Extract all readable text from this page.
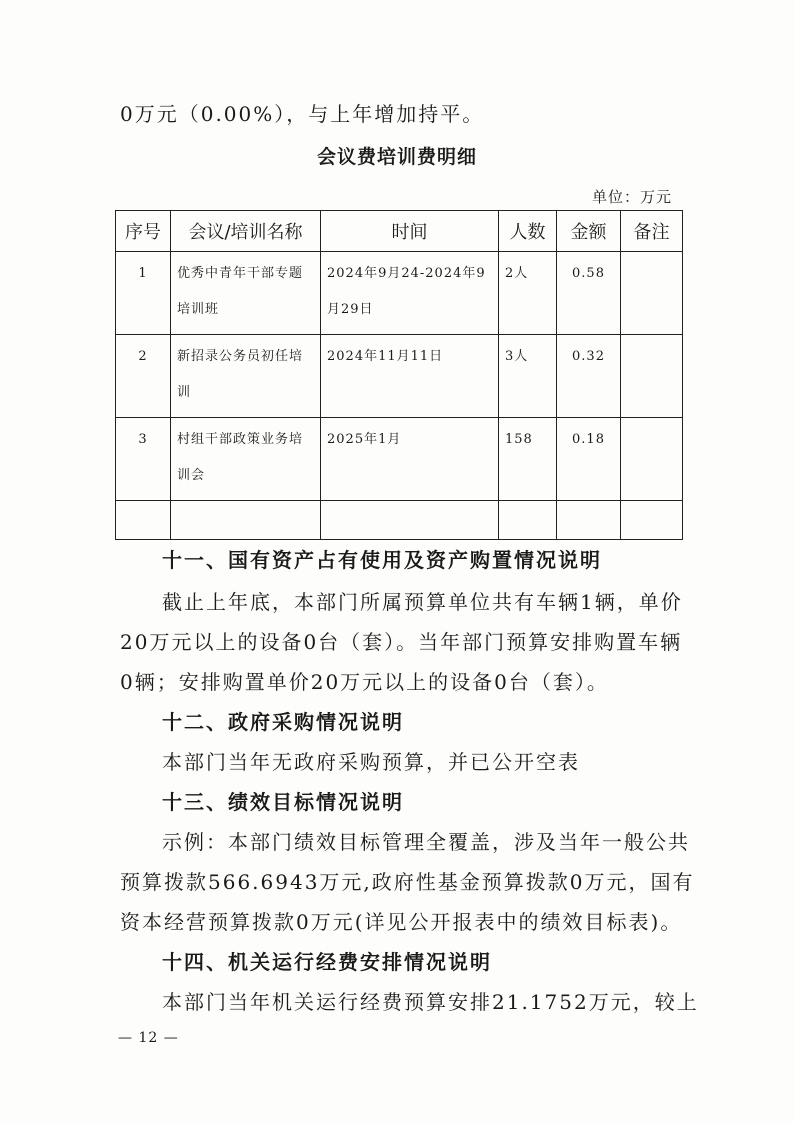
0万元（0.00%），与上年增加持平。
会议费培训费明细
单位：万元
序号	会议/培训名称	时间	人数	金额	备注
1	优秀中青年干部专题培训班	2024年9月24-2024年9月29日	2人	0.58	
2	新招录公务员初任培训	2024年11月11日	3人	0.32	
3	村组干部政策业务培训会	2025年1月	158	0.18	

十一、国有资产占有使用及资产购置情况说明
截止上年底，本部门所属预算单位共有车辆1辆，单价
20万元以上的设备0台（套）。当年部门预算安排购置车辆
0辆；安排购置单价20万元以上的设备0台（套）。
十二、政府采购情况说明
本部门当年无政府采购预算，并已公开空表
十三、绩效目标情况说明
示例：本部门绩效目标管理全覆盖，涉及当年一般公共
预算拨款566.6943万元,政府性基金预算拨款0万元，国有
资本经营预算拨款0万元(详见公开报表中的绩效目标表)。
十四、机关运行经费安排情况说明
本部门当年机关运行经费预算安排21.1752万元，较上
— 12 —
